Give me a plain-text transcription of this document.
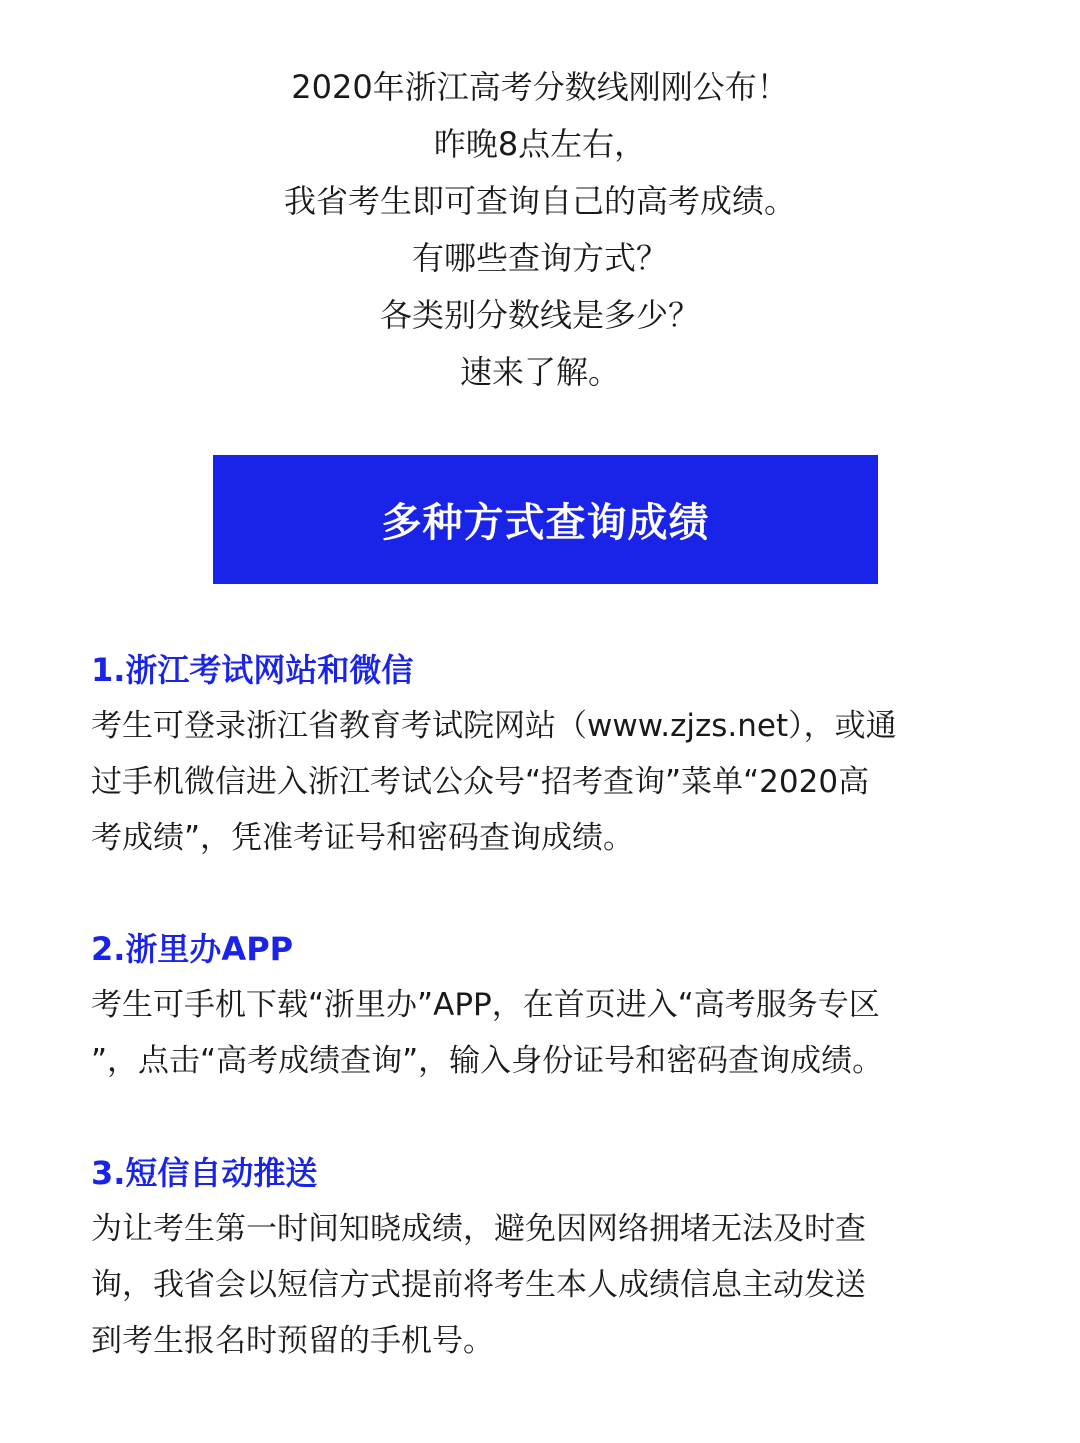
2020年浙江高考分数线刚刚公布！
昨晚8点左右，
我省考生即可查询自己的高考成绩。
有哪些查询方式？
各类别分数线是多少？
速来了解。
多种方式查询成绩
1.浙江考试网站和微信
考生可登录浙江省教育考试院网站（www.zjzs.net），或通
过手机微信进入浙江考试公众号“招考查询”菜单“2020高
考成绩”，凭准考证号和密码查询成绩。
2.浙里办APP
考生可手机下载“浙里办”APP，在首页进入“高考服务专区
”，点击“高考成绩查询”，输入身份证号和密码查询成绩。
3.短信自动推送
为让考生第一时间知晓成绩，避免因网络拥堵无法及时查
询，我省会以短信方式提前将考生本人成绩信息主动发送
到考生报名时预留的手机号。
